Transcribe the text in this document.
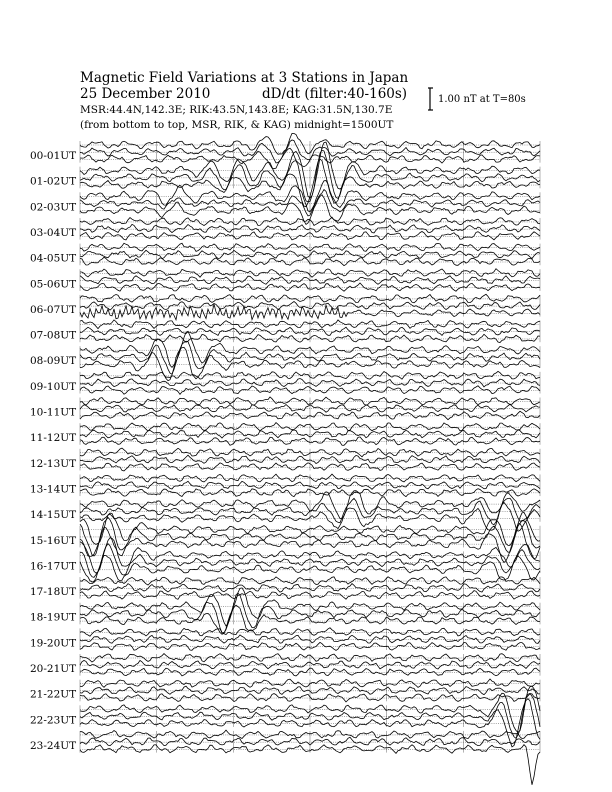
Magnetic Field Variations at 3 Stations in Japan
25 December 2010	dD/dt (filter:40-160s)
MSR:44.4N,142.3E; RIK:43.5N,143.8E; KAG:31.5N,130.7E
(from bottom to top, MSR, RIK, & KAG) midnight=1500UT
1.00 nT at T=80s
00-01UT
01-02UT
02-03UT
03-04UT
04-05UT
05-06UT
06-07UT
07-08UT
08-09UT
09-10UT
10-11UT
11-12UT
12-13UT
13-14UT
14-15UT
15-16UT
16-17UT
17-18UT
18-19UT
19-20UT
20-21UT
21-22UT
22-23UT
23-24UT
